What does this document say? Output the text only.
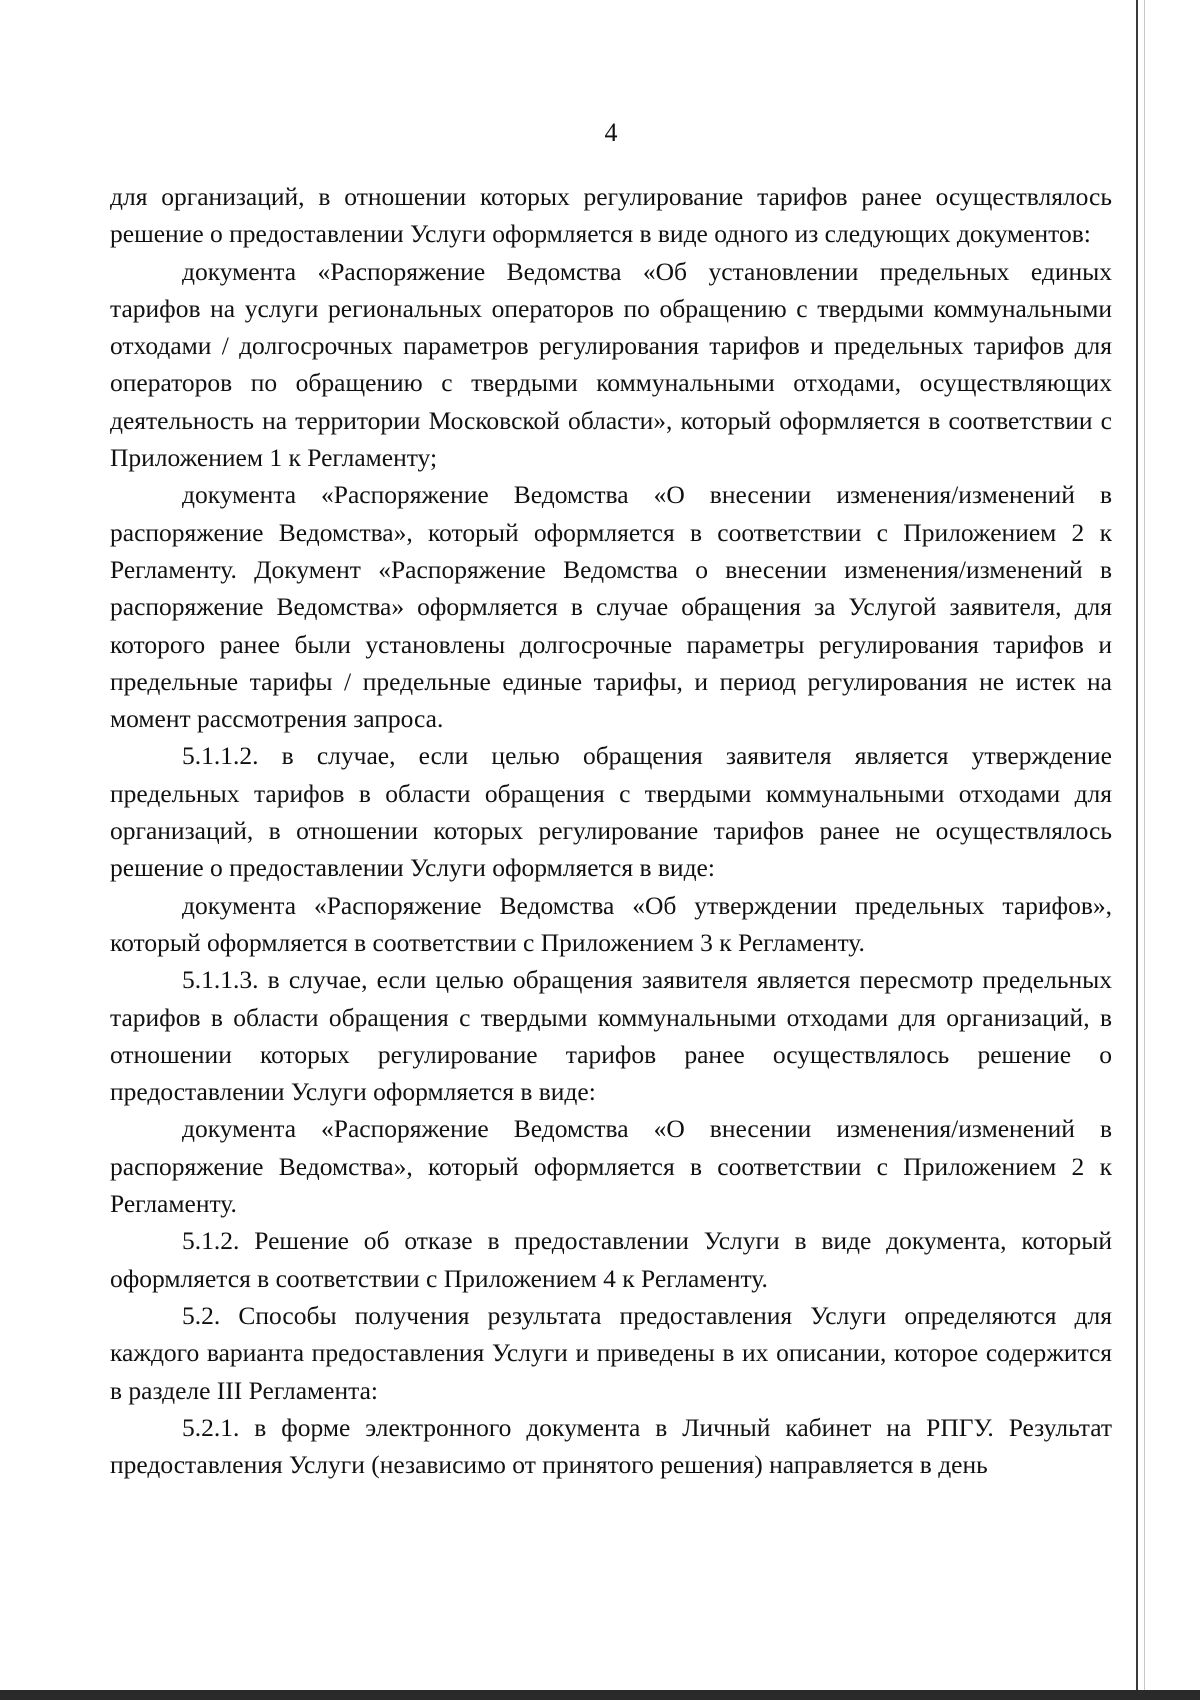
4

для организаций, в отношении которых регулирование тарифов ранее осуществлялось решение о предоставлении Услуги оформляется в виде одного из следующих документов:

документа «Распоряжение Ведомства «Об установлении предельных единых тарифов на услуги региональных операторов по обращению с твердыми коммунальными отходами / долгосрочных параметров регулирования тарифов и предельных тарифов для операторов по обращению с твердыми коммунальными отходами, осуществляющих деятельность на территории Московской области», который оформляется в соответствии с Приложением 1 к Регламенту;

документа «Распоряжение Ведомства «О внесении изменения/изменений в распоряжение Ведомства», который оформляется в соответствии с Приложением 2 к Регламенту. Документ «Распоряжение Ведомства о внесении изменения/изменений в распоряжение Ведомства» оформляется в случае обращения за Услугой заявителя, для которого ранее были установлены долгосрочные параметры регулирования тарифов и предельные тарифы / предельные единые тарифы, и период регулирования не истек на момент рассмотрения запроса.

5.1.1.2. в случае, если целью обращения заявителя является утверждение предельных тарифов в области обращения с твердыми коммунальными отходами для организаций, в отношении которых регулирование тарифов ранее не осуществлялось решение о предоставлении Услуги оформляется в виде:

документа «Распоряжение Ведомства «Об утверждении предельных тарифов», который оформляется в соответствии с Приложением 3 к Регламенту.

5.1.1.3. в случае, если целью обращения заявителя является пересмотр предельных тарифов в области обращения с твердыми коммунальными отходами для организаций, в отношении которых регулирование тарифов ранее осуществлялось решение о предоставлении Услуги оформляется в виде:

документа «Распоряжение Ведомства «О внесении изменения/изменений в распоряжение Ведомства», который оформляется в соответствии с Приложением 2 к Регламенту.

5.1.2. Решение об отказе в предоставлении Услуги в виде документа, который оформляется в соответствии с Приложением 4 к Регламенту.

5.2. Способы получения результата предоставления Услуги определяются для каждого варианта предоставления Услуги и приведены в их описании, которое содержится в разделе III Регламента:

5.2.1. в форме электронного документа в Личный кабинет на РПГУ. Результат предоставления Услуги (независимо от принятого решения) направляется в день
